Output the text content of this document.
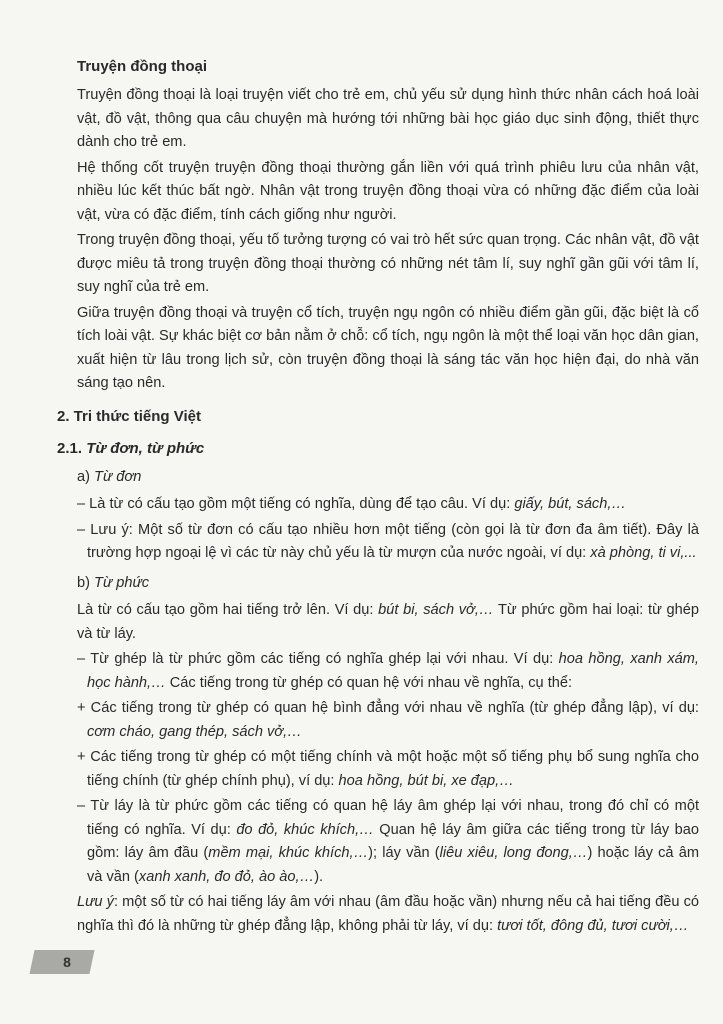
Truyện đồng thoại
Truyện đồng thoại là loại truyện viết cho trẻ em, chủ yếu sử dụng hình thức nhân cách hoá loài vật, đồ vật, thông qua câu chuyện mà hướng tới những bài học giáo dục sinh động, thiết thực dành cho trẻ em.
Hệ thống cốt truyện truyện đồng thoại thường gắn liền với quá trình phiêu lưu của nhân vật, nhiều lúc kết thúc bất ngờ. Nhân vật trong truyện đồng thoại vừa có những đặc điểm của loài vật, vừa có đặc điểm, tính cách giống như người.
Trong truyện đồng thoại, yếu tố tưởng tượng có vai trò hết sức quan trọng. Các nhân vật, đồ vật được miêu tả trong truyện đồng thoại thường có những nét tâm lí, suy nghĩ gần gũi với tâm lí, suy nghĩ của trẻ em.
Giữa truyện đồng thoại và truyện cổ tích, truyện ngụ ngôn có nhiều điểm gần gũi, đặc biệt là cổ tích loài vật. Sự khác biệt cơ bản nằm ở chỗ: cổ tích, ngụ ngôn là một thể loại văn học dân gian, xuất hiện từ lâu trong lịch sử, còn truyện đồng thoại là sáng tác văn học hiện đại, do nhà văn sáng tạo nên.
2. Tri thức tiếng Việt
2.1. Từ đơn, từ phức
a) Từ đơn
– Là từ có cấu tạo gồm một tiếng có nghĩa, dùng để tạo câu. Ví dụ: giấy, bút, sách,…
– Lưu ý: Một số từ đơn có cấu tạo nhiều hơn một tiếng (còn gọi là từ đơn đa âm tiết). Đây là trường hợp ngoại lệ vì các từ này chủ yếu là từ mượn của nước ngoài, ví dụ: xà phòng, ti vi,...
b) Từ phức
Là từ có cấu tạo gồm hai tiếng trở lên. Ví dụ: bút bi, sách vở,… Từ phức gồm hai loại: từ ghép và từ láy.
– Từ ghép là từ phức gồm các tiếng có nghĩa ghép lại với nhau. Ví dụ: hoa hồng, xanh xám, học hành,… Các tiếng trong từ ghép có quan hệ với nhau về nghĩa, cụ thể:
+ Các tiếng trong từ ghép có quan hệ bình đẳng với nhau về nghĩa (từ ghép đẳng lập), ví dụ: cơm cháo, gang thép, sách vở,…
+ Các tiếng trong từ ghép có một tiếng chính và một hoặc một số tiếng phụ bổ sung nghĩa cho tiếng chính (từ ghép chính phụ), ví dụ: hoa hồng, bút bi, xe đạp,…
– Từ láy là từ phức gồm các tiếng có quan hệ láy âm ghép lại với nhau, trong đó chỉ có một tiếng có nghĩa. Ví dụ: đo đỏ, khúc khích,… Quan hệ láy âm giữa các tiếng trong từ láy bao gồm: láy âm đầu (mềm mại, khúc khích,…); láy vần (liêu xiêu, long đong,…) hoặc láy cả âm và vần (xanh xanh, đo đỏ, ào ào,…).
Lưu ý: một số từ có hai tiếng láy âm với nhau (âm đầu hoặc vần) nhưng nếu cả hai tiếng đều có nghĩa thì đó là những từ ghép đẳng lập, không phải từ láy, ví dụ: tươi tốt, đông đủ, tươi cười,…
8
